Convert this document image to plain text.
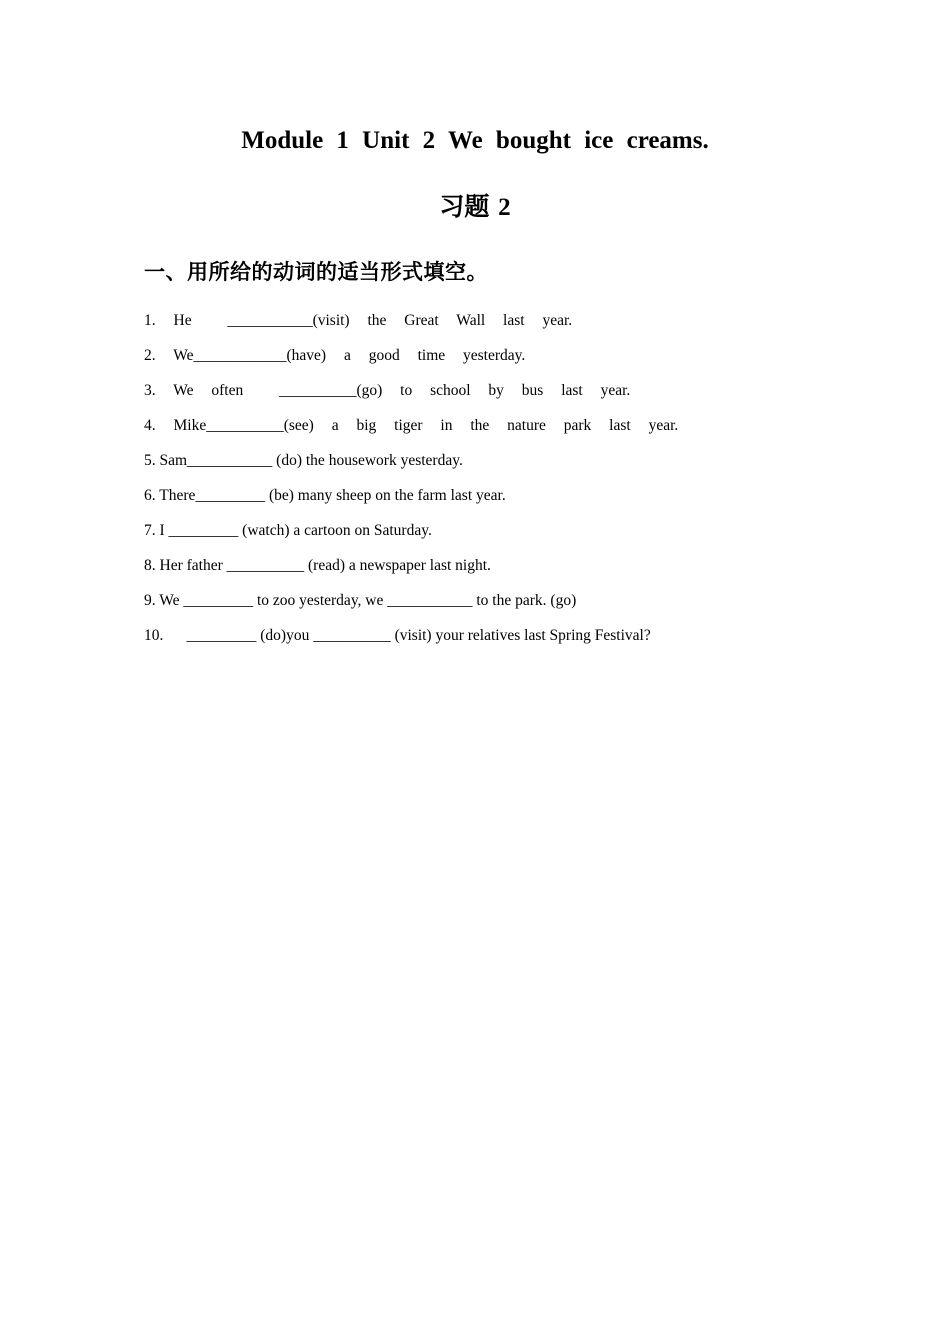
Module 1 Unit 2 We bought ice creams.
习题 2
一、用所给的动词的适当形式填空。
1. He  ___________(visit) the Great Wall last year.
2. We____________(have) a good time yesterday.
3. We often  __________(go) to school by bus last year.
4. Mike__________(see) a big tiger in the nature park last year.
5. Sam___________ (do) the housework yesterday.
6. There_________ (be) many sheep on the farm last year.
7. I _________ (watch) a cartoon on Saturday.
8. Her father __________ (read) a newspaper last night.
9. We _________ to zoo yesterday, we ___________ to the park. (go)
10.      _________ (do)you __________ (visit) your relatives last Spring Festival?
